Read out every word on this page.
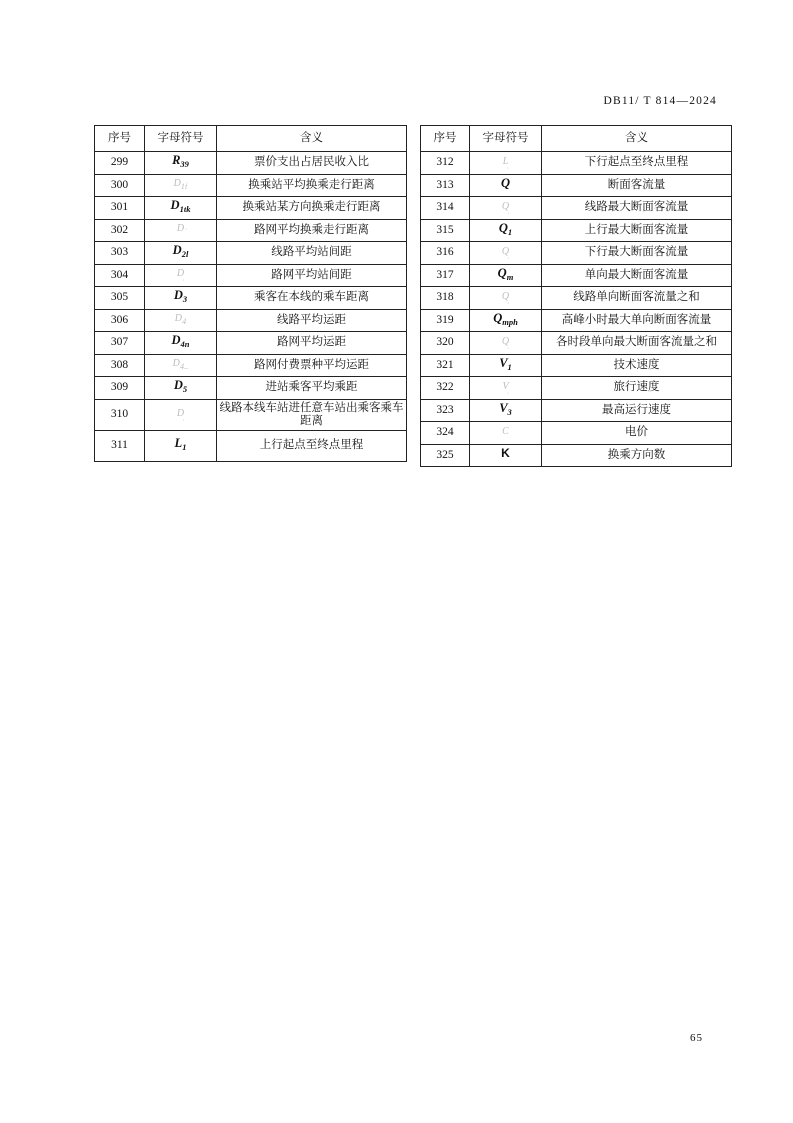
DB11/ T 814—2024
序号	字母符号	含义
299	$R_{39}$	票价支出占居民收入比
300	$D_{1ṫ}$	换乘站平均换乘走行距离
301	$D_{1tk}$	换乘站某方向换乘走行距离
302	D	路网平均换乘走行距离
303	$D_{2l}$	线路平均站间距
304	D	路网平均站间距
305	$D_3$	乘客在本线的乘车距离
306	$D_4$	线路平均运距
307	$D_{4n}$	路网平均运距
308	$D_{4..}$	路网付费票种平均运距
309	$D_5$	进站乘客平均乘距
310	D	线路本线车站进任意车站出乘客乘车距离
311	$L_1$	上行起点至终点里程
序号	字母符号	含义
312	L	下行起点至终点里程
313	Q	断面客流量
314	Q	线路最大断面客流量
315	$Q_1$	上行最大断面客流量
316	Q	下行最大断面客流量
317	$Q_m$	单向最大断面客流量
318	Q	线路单向断面客流量之和
319	$Q_{mph}$	高峰小时最大单向断面客流量
320	Q	各时段单向最大断面客流量之和
321	$V_1$	技术速度
322	V	旅行速度
323	$V_3$	最高运行速度
324	C	电价
325	K	换乘方向数
65
